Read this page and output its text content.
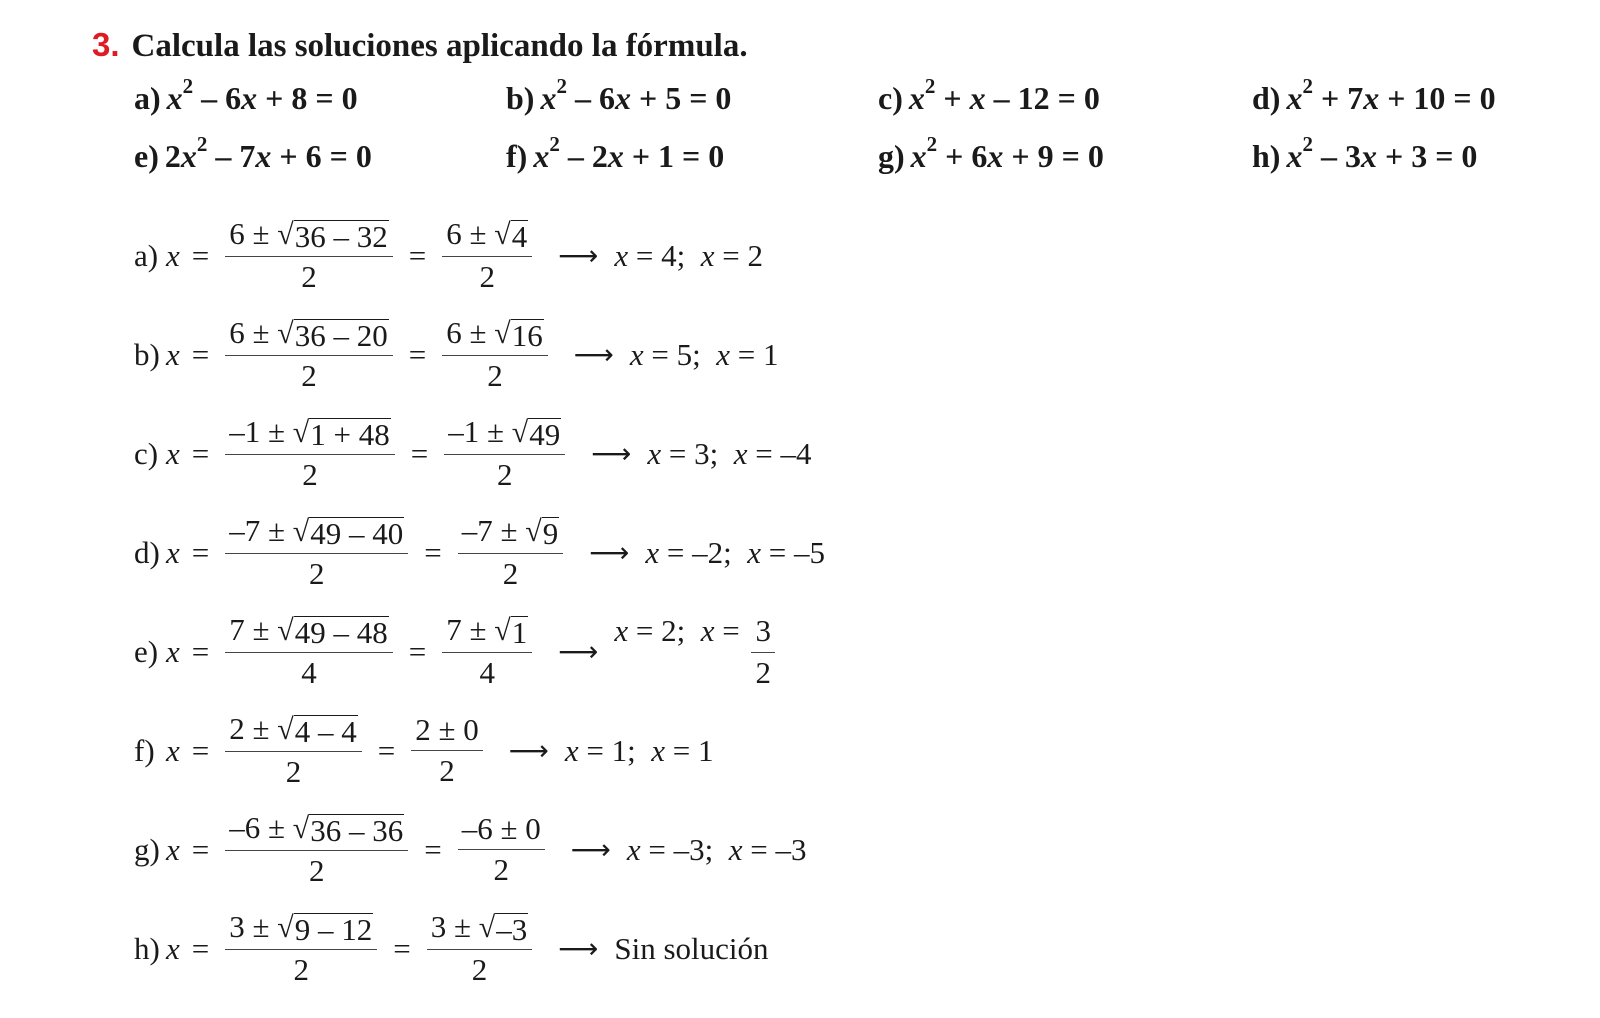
3. Calcula las soluciones aplicando la fórmula.
a) $x^2 - 6x + 8 = 0$	b) $x^2 - 6x + 5 = 0$	c) $x^2 + x - 12 = 0$	d) $x^2 + 7x + 10 = 0$
e) $2x^2 - 7x + 6 = 0$	f) $x^2 - 2x + 1 = 0$	g) $x^2 + 6x + 9 = 0$	h) $x^2 - 3x + 3 = 0$
a) $x = \frac{6 \pm √ 36 - 32}{2} = \frac{6 \pm √ 4}{2}$ ⟶ x = 4;  x = 2
b) $x = \frac{6 \pm √ 36 - 20}{2} = \frac{6 \pm √ 16}{2}$ ⟶ x = 5;  x = 1
c) $x = \frac{-1 \pm √ 1 + 48}{2} = \frac{-1 \pm √ 49}{2}$ ⟶ x = 3;  x = –4
d) $x = \frac{-7 \pm √ 49 - 40}{2} = \frac{-7 \pm √ 9}{2}$ ⟶ x = –2;  x = –5
e) $x = \frac{7 \pm √ 49 - 48}{4} = \frac{7 \pm √ 1}{4}$ ⟶
x = 2;  $x = \frac{3}{2}$
f) $x = \frac{2 \pm √ 4 - 4}{2} = \frac{2 \pm 0}{2}$ ⟶ x = 1;  x = 1
g) $x = \frac{-6 \pm √ 36 - 36}{2} = \frac{-6 \pm 0}{2}$ ⟶ x = –3;  x = –3
h) $x = \frac{3 \pm √ 9 - 12}{2} = \frac{3 \pm √ -3}{2}$ ⟶ Sin solución
